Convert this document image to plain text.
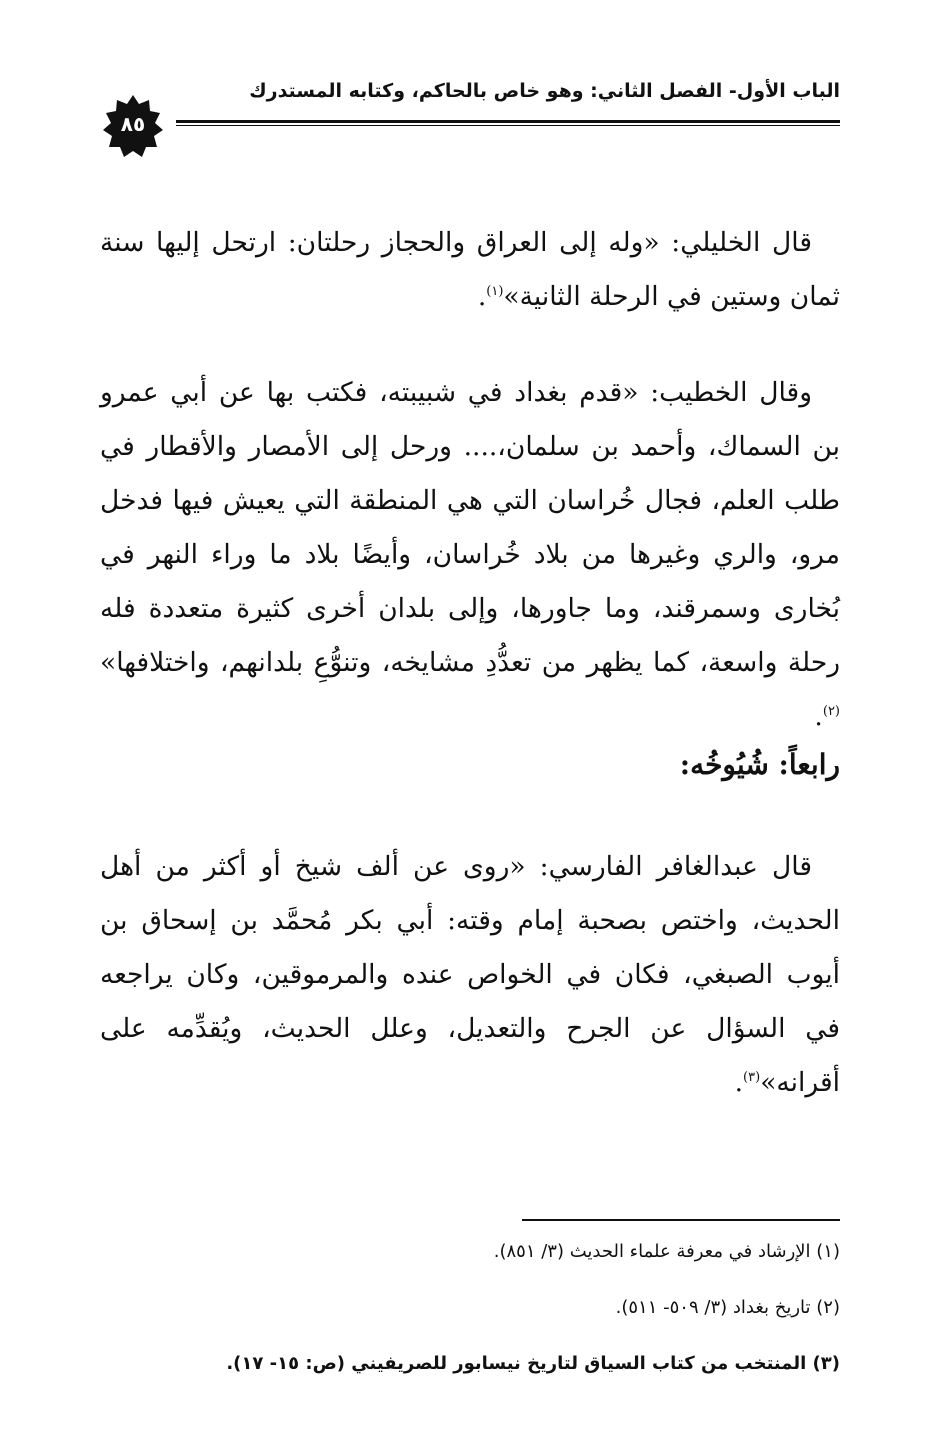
الباب الأول- الفصل الثاني: وهو خاص بالحاكم، وكتابه المستدرك
٨٥
قال الخليلي: «وله إلى العراق والحجاز رحلتان: ارتحل إليها سنة ثمان وستين في الرحلة الثانية»$^{(١)}$.
وقال الخطيب: «قدم بغداد في شبيبته، فكتب بها عن أبي عمرو بن السماك، وأحمد بن سلمان،.... ورحل إلى الأمصار والأقطار في طلب العلم، فجال خُراسان التي هي المنطقة التي يعيش فيها فدخل مرو، والري وغيرها من بلاد خُراسان، وأيضًا بلاد ما وراء النهر في بُخارى وسمرقند، وما جاورها، وإلى بلدان أخرى كثيرة متعددة فله رحلة واسعة، كما يظهر من تعدُّدِ مشايخه، وتنوُّعِ بلدانهم، واختلافها» $^{(٢)}$.
رابعاً: شُيُوخُه:
قال عبدالغافر الفارسي: «روى عن ألف شيخ أو أكثر من أهل الحديث، واختص بصحبة إمام وقته: أبي بكر مُحمَّد بن إسحاق بن أيوب الصبغي، فكان في الخواص عنده والمرموقين، وكان يراجعه في السؤال عن الجرح والتعديل، وعلل الحديث، ويُقدِّمه على أقرانه»$^{(٣)}$.
(١) الإرشاد في معرفة علماء الحديث (٣/ ٨٥١).
(٢) تاريخ بغداد (٣/ ٥٠٩- ٥١١).
(٣) المنتخب من كتاب السياق لتاريخ نيسابور للصريفيني (ص: ١٥- ١٧).
